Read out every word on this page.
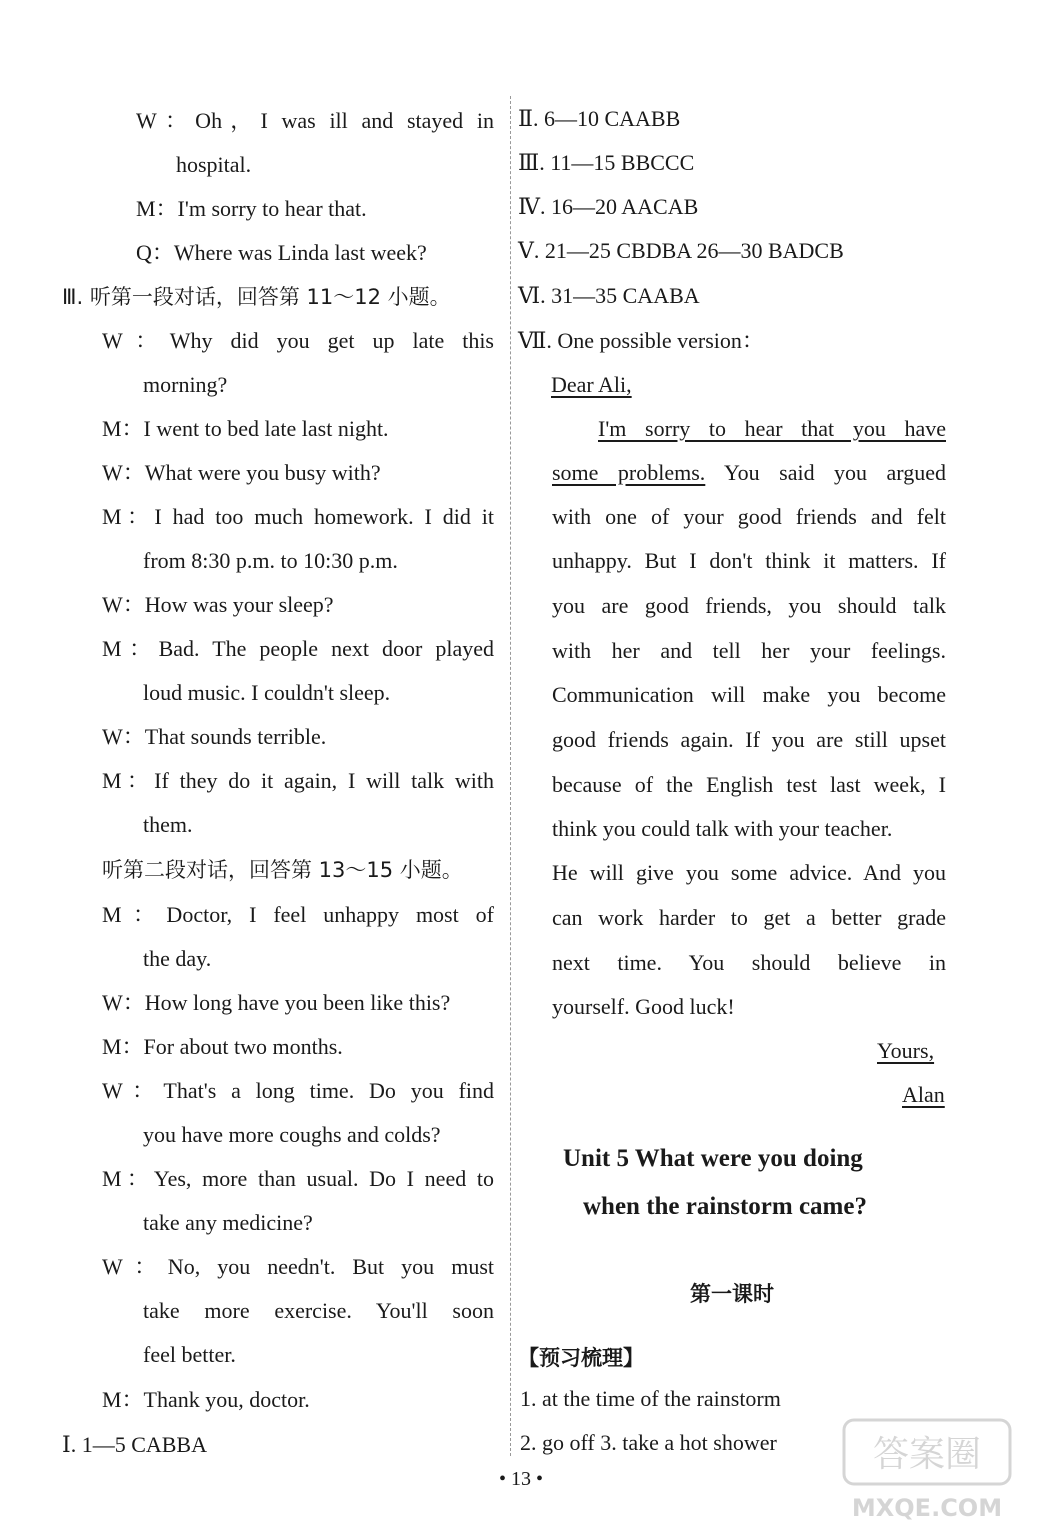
W：Oh，I was ill and stayed in
hospital.
M：I'm sorry to hear that.
Q：Where was Linda last week?
Ⅲ. 听第一段对话，回答第 11～12 小题。
W：Why did you get up late this
morning?
M：I went to bed late last night.
W：What were you busy with?
M：I had too much homework. I did it
from 8:30 p.m. to 10:30 p.m.
W：How was your sleep?
M：Bad. The people next door played
loud music. I couldn't sleep.
W：That sounds terrible.
M：If they do it again, I will talk with
them.
听第二段对话，回答第 13～15 小题。
M：Doctor, I feel unhappy most of
the day.
W：How long have you been like this?
M：For about two months.
W：That's a long time. Do you find
you have more coughs and colds?
M：Yes, more than usual. Do I need to
take any medicine?
W：No, you needn't. But you must
take more exercise. You'll soon
feel better.
M：Thank you, doctor.
Ⅰ. 1—5 CABBA
Ⅱ. 6—10 CAABB
Ⅲ. 11—15 BBCCC
Ⅳ. 16—20 AACAB
Ⅴ. 21—25 CBDBA 26—30 BADCB
Ⅵ. 31—35 CAABA
Ⅶ. One possible version：
Dear Ali,
I'm sorry to hear that you have
some problems. You said you argued
with one of your good friends and felt
unhappy. But I don't think it matters. If
you are good friends, you should talk
with her and tell her your feelings.
Communication will make you become
good friends again. If you are still upset
because of the English test last week, I
think you could talk with your teacher.
He will give you some advice. And you
can work harder to get a better grade
next time. You should believe in
yourself. Good luck!
Yours,
Alan
Unit 5 What were you doing
when the rainstorm came?
第一课时
【预习梳理】
1. at the time of the rainstorm
2. go off 3. take a hot shower
• 13 •
答案圈
MXQE.COM
